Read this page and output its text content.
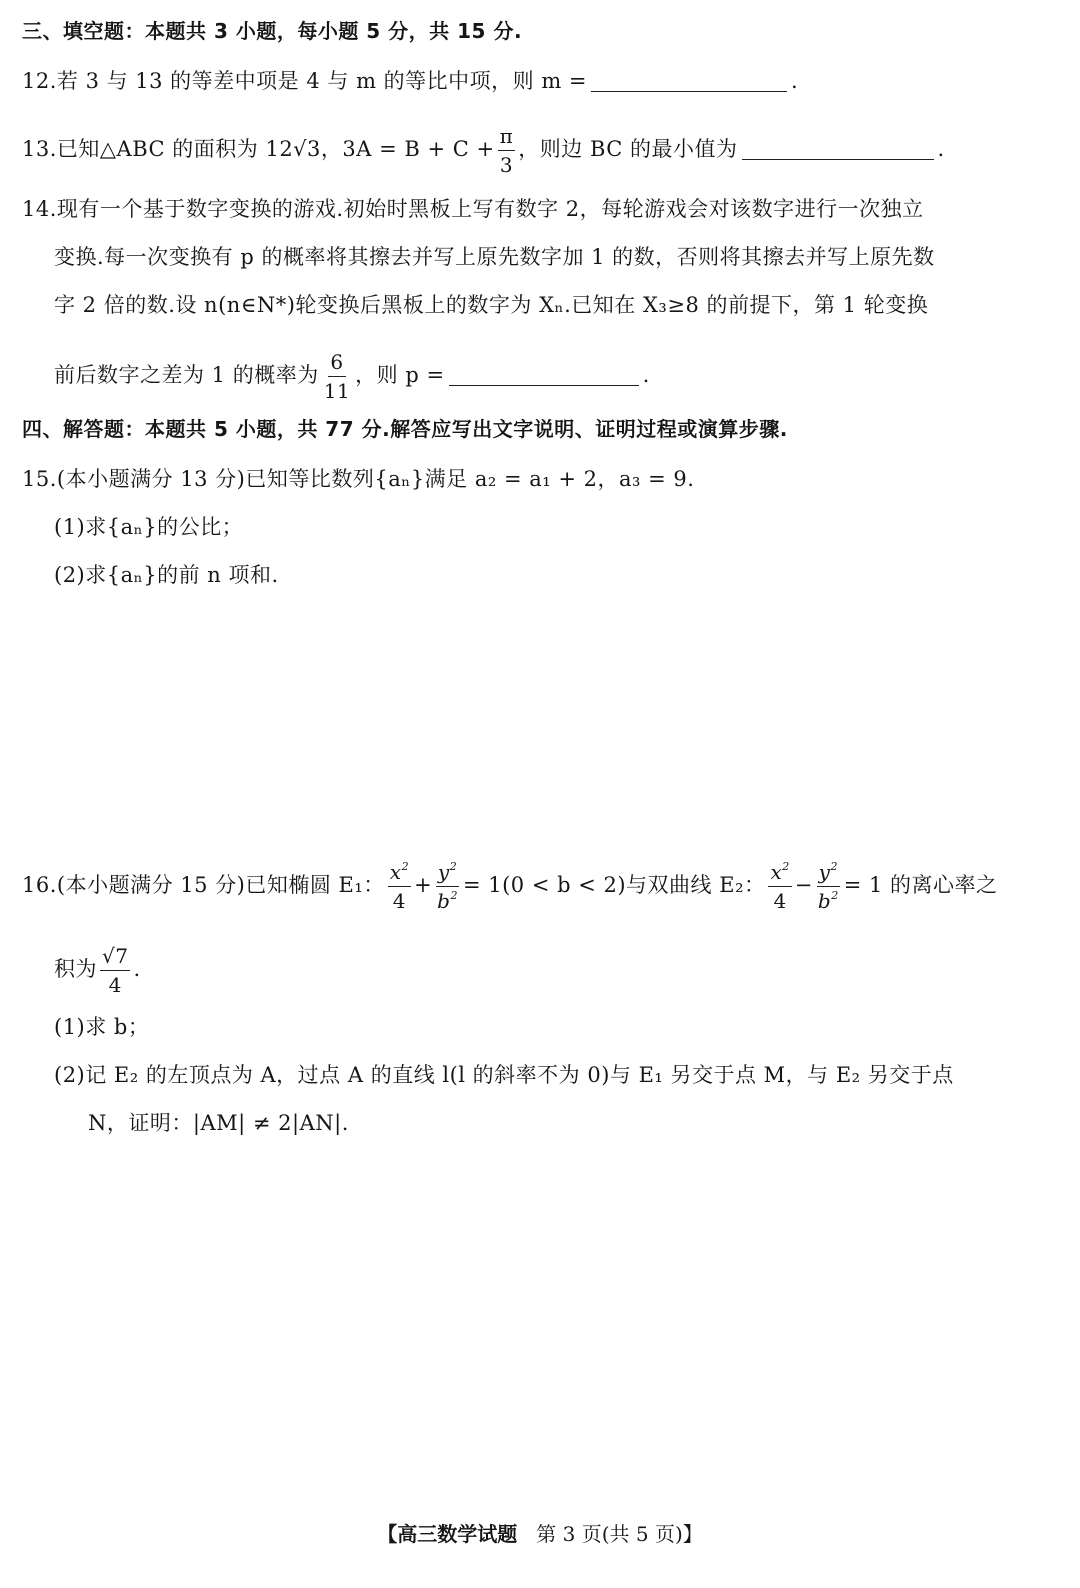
三、填空题：本题共 3 小题，每小题 5 分，共 15 分.
12.若 3 与 13 的等差中项是 4 与 m 的等比中项，则 m =	.
13.已知△ABC 的面积为 12√3，$3A = B + C + \frac{\pi}{3}$ ，则边 BC 的最小值为	.
14.现有一个基于数字变换的游戏.初始时黑板上写有数字 2，每轮游戏会对该数字进行一次独立
变换.每一次变换有 p 的概率将其擦去并写上原先数字加 1 的数，否则将其擦去并写上原先数
字 2 倍的数.设 n(n∈N*)轮变换后黑板上的数字为 Xₙ.已知在 X₃≥8 的前提下，第 1 轮变换
前后数字之差为 1 的概率为 $\frac{6}{11}$ ，则 p =	.
四、解答题：本题共 5 小题，共 77 分.解答应写出文字说明、证明过程或演算步骤.
15.(本小题满分 13 分)已知等比数列{aₙ}满足 a₂ = a₁ + 2，a₃ = 9.
(1)求{aₙ}的公比；
(2)求{aₙ}的前 n 项和.
16.(本小题满分 15 分)已知椭圆 E₁： $\frac{x^2}{4} + \frac{y^2}{b^2} = 1(0 < b < 2)$与双曲线 E₂： $\frac{x^2}{4} - \frac{y^2}{b^2} = 1$ 的离心率之
积为 $\frac{√7}{4}$ .
(1)求 b；
(2)记 E₂ 的左顶点为 A，过点 A 的直线 l(l 的斜率不为 0)与 E₁ 另交于点 M，与 E₂ 另交于点
N，证明：|AM| ≠ 2|AN|.
【高三数学试题 第 3 页(共 5 页)】
